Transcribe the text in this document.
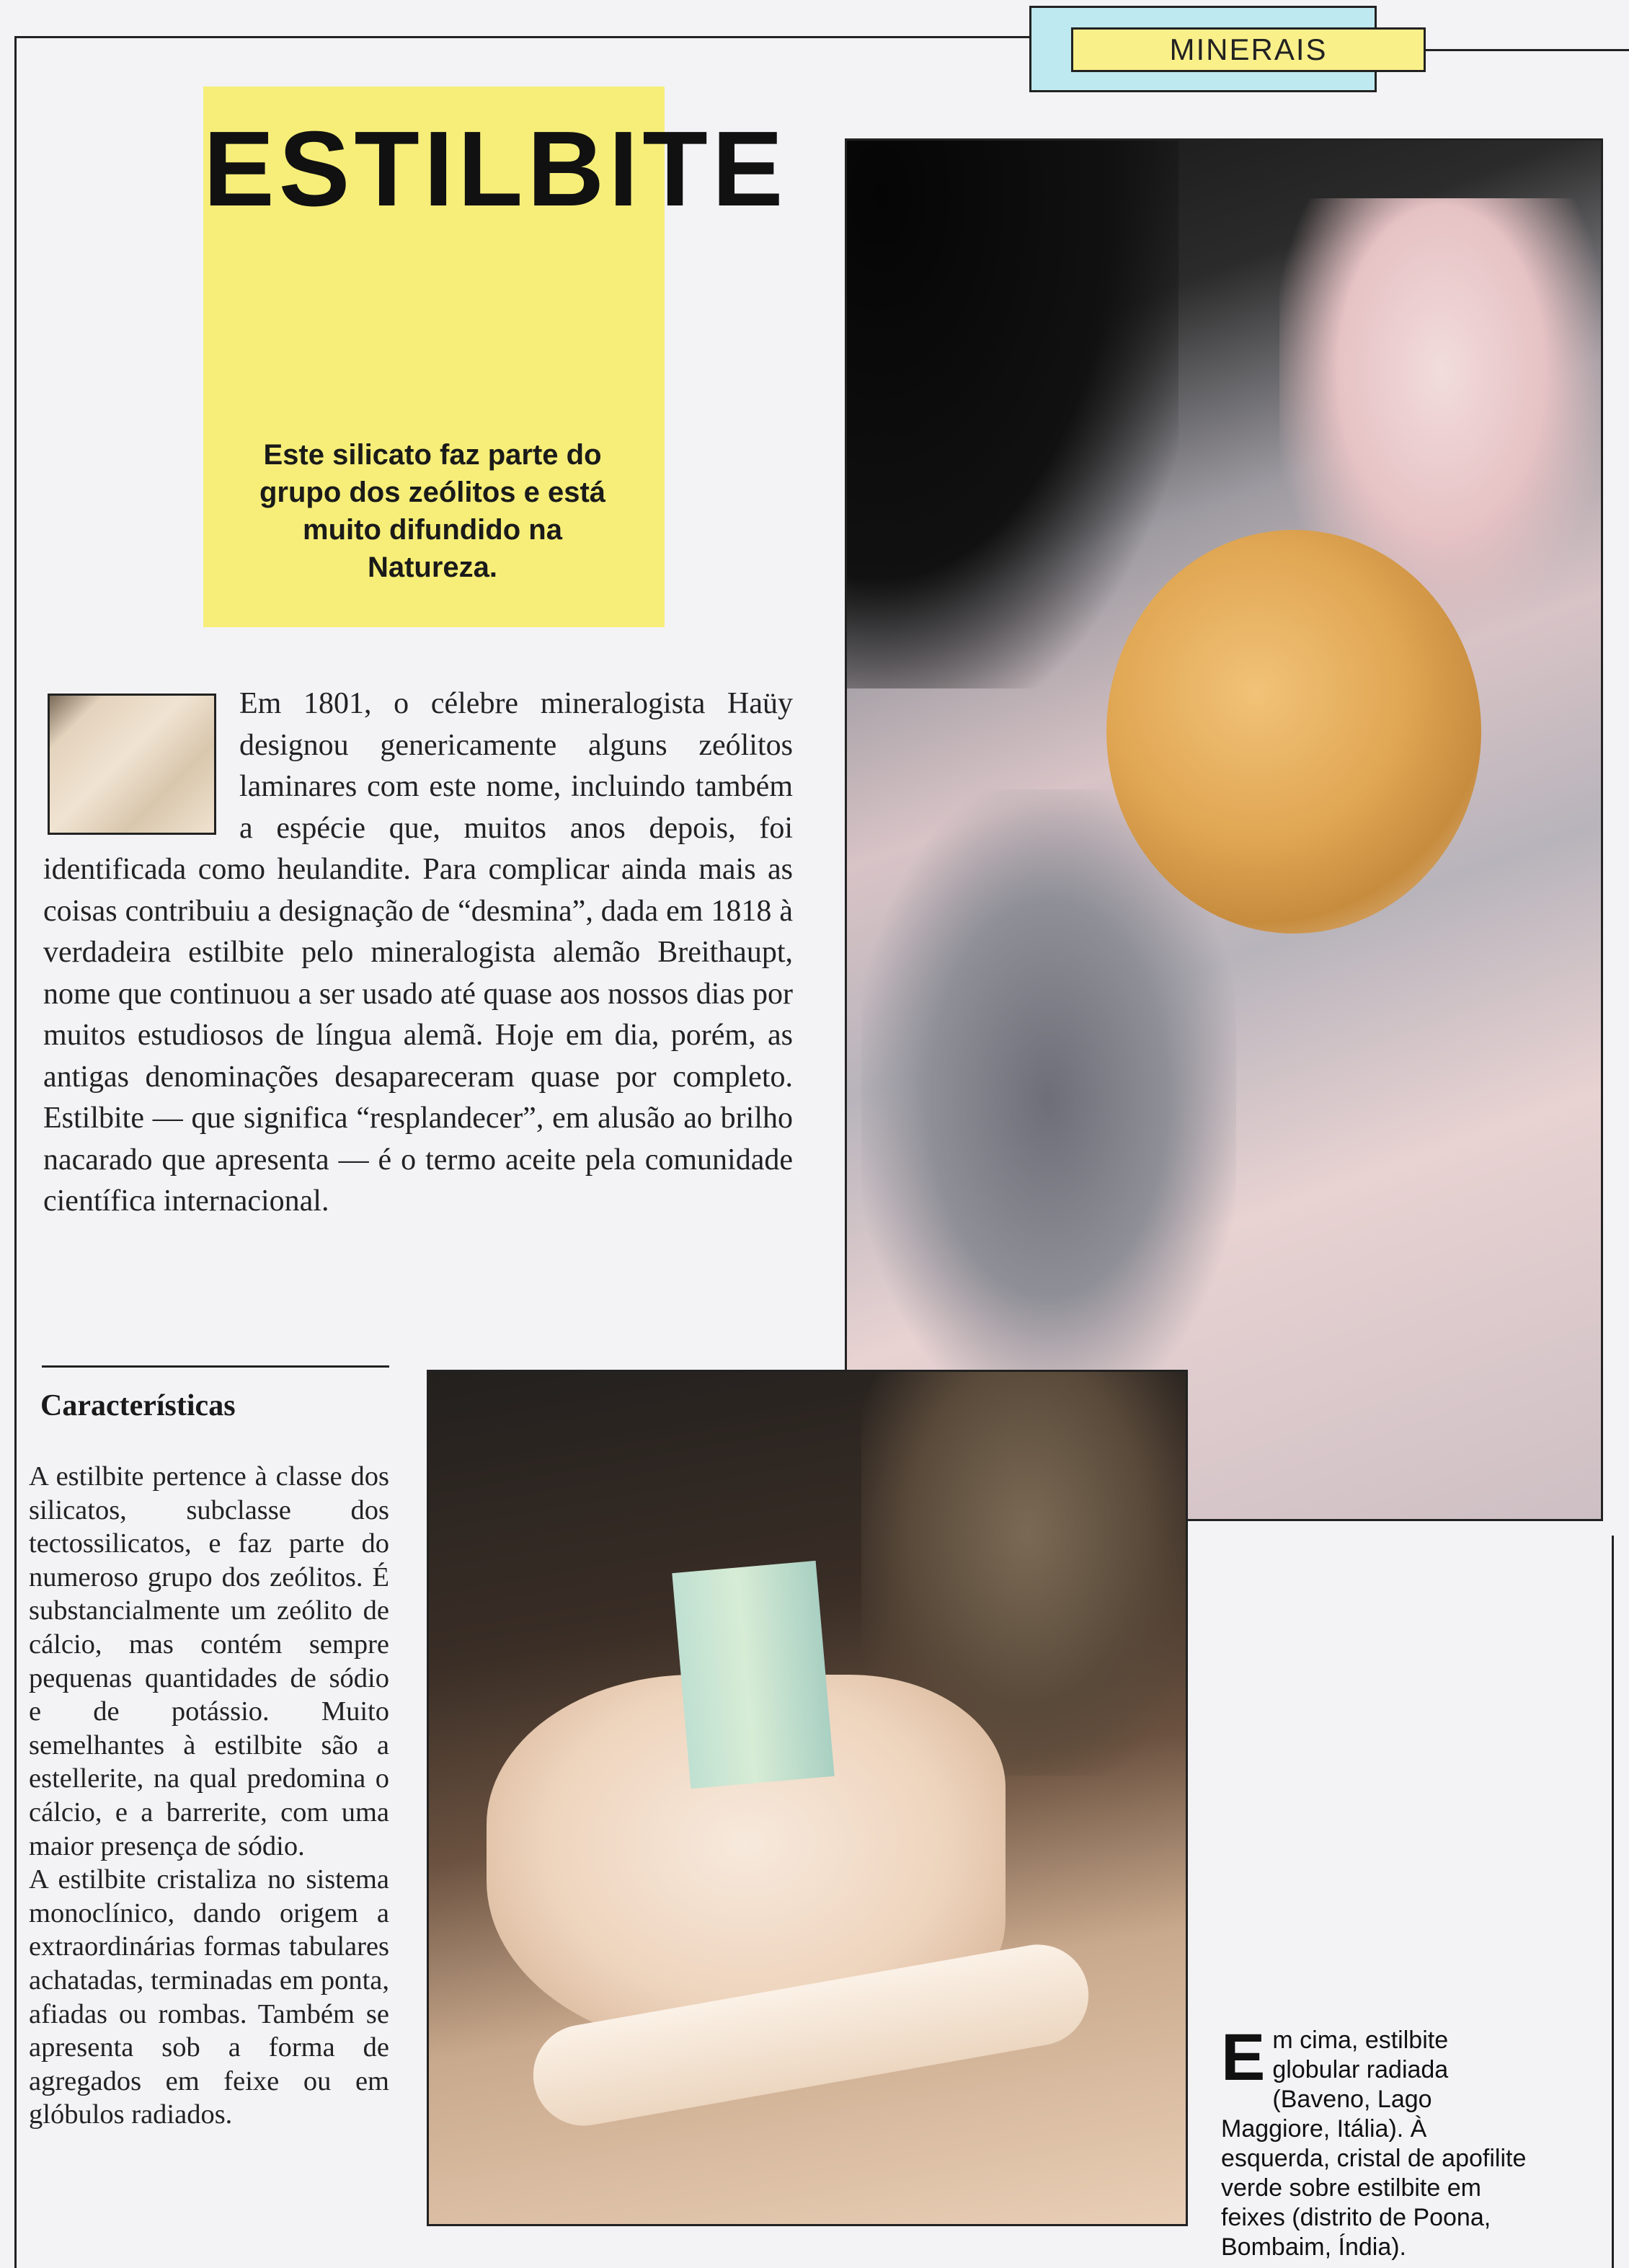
MINERAIS
ESTILBITE
Este silicato faz parte do grupo dos zeólitos e está muito difundido na Natureza.
Em 1801, o célebre mineralogista Haüy designou genericamente alguns zeólitos laminares com este nome, incluindo também a espécie que, muitos anos depois, foi identificada como heulandite. Para complicar ainda mais as coisas contribuiu a designação de “desmina”, dada em 1818 à verdadeira estilbite pelo mineralogista alemão Breithaupt, nome que continuou a ser usado até quase aos nossos dias por muitos estudiosos de língua alemã. Hoje em dia, porém, as antigas denominações desapareceram quase por completo. Estilbite — que significa “resplandecer”, em alusão ao brilho nacarado que apresenta — é o termo aceite pela comunidade científica internacional.
Características
A estilbite pertence à classe dos silicatos, subclasse dos tectossilicatos, e faz parte do numeroso grupo dos zeólitos. É substancialmente um zeólito de cálcio, mas contém sempre pequenas quantidades de sódio e de potássio. Muito semelhantes à estilbite são a estellerite, na qual predomina o cálcio, e a barrerite, com uma maior presença de sódio.
A estilbite cristaliza no sistema monoclínico, dando origem a extraordinárias formas tabulares achatadas, terminadas em ponta, afiadas ou rombas. Também se apresenta sob a forma de agregados em feixe ou em glóbulos radiados.
Em cima, estilbite globular radiada (Baveno, Lago Maggiore, Itália). À esquerda, cristal de apofilite verde sobre estilbite em feixes (distrito de Poona, Bombaim, Índia).
